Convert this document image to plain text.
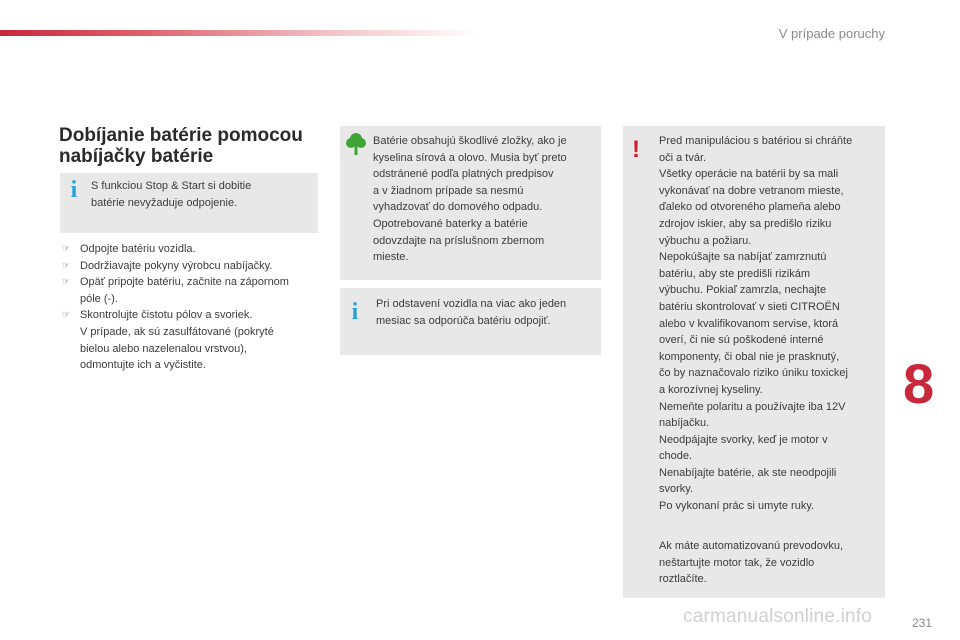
V prípade poruchy
8
Dobíjanie batérie pomocou nabíjačky batérie
i S funkciou Stop & Start si dobitie
batérie nevyžaduje odpojenie.
☞ Odpojte batériu vozidla.
☞ Dodržiavajte pokyny výrobcu nabíjačky.
☞ Opäť pripojte batériu, začnite na zápornom
póle (-).
☞ Skontrolujte čistotu pólov a svoriek.
V prípade, ak sú zasulfátované (pokryté
bielou alebo nazelenalou vrstvou),
odmontujte ich a vyčistite.
Batérie obsahujú škodlivé zložky, ako je
kyselina sírová a olovo. Musia byť preto
odstránené podľa platných predpisov
a v žiadnom prípade sa nesmú
vyhadzovať do domového odpadu.
Opotrebované baterky a batérie
odovzdajte na príslušnom zbernom
mieste.
i Pri odstavení vozidla na viac ako jeden
mesiac sa odporúča batériu odpojiť.
! Pred manipuláciou s batériou si chráňte
oči a tvár.
Všetky operácie na batérii by sa mali
vykonávať na dobre vetranom mieste,
ďaleko od otvoreného plameňa alebo
zdrojov iskier, aby sa predišlo riziku
výbuchu a požiaru.
Nepokúšajte sa nabíjať zamrznutú
batériu, aby ste predišli rizikám
výbuchu. Pokiaľ zamrzla, nechajte
batériu skontrolovať v sieti CITROËN
alebo v kvalifikovanom servise, ktorá
overí, či nie sú poškodené interné
komponenty, či obal nie je prasknutý,
čo by naznačovalo riziko úniku toxickej
a korozívnej kyseliny.
Nemeňte polaritu a používajte iba 12V
nabíjačku.
Neodpájajte svorky, keď je motor v
chode.
Nenabíjajte batérie, ak ste neodpojili
svorky.
Po vykonaní prác si umyte ruky.
Ak máte automatizovanú prevodovku,
neštartujte motor tak, že vozidlo
roztlačíte.
carmanualsonline.info	231
